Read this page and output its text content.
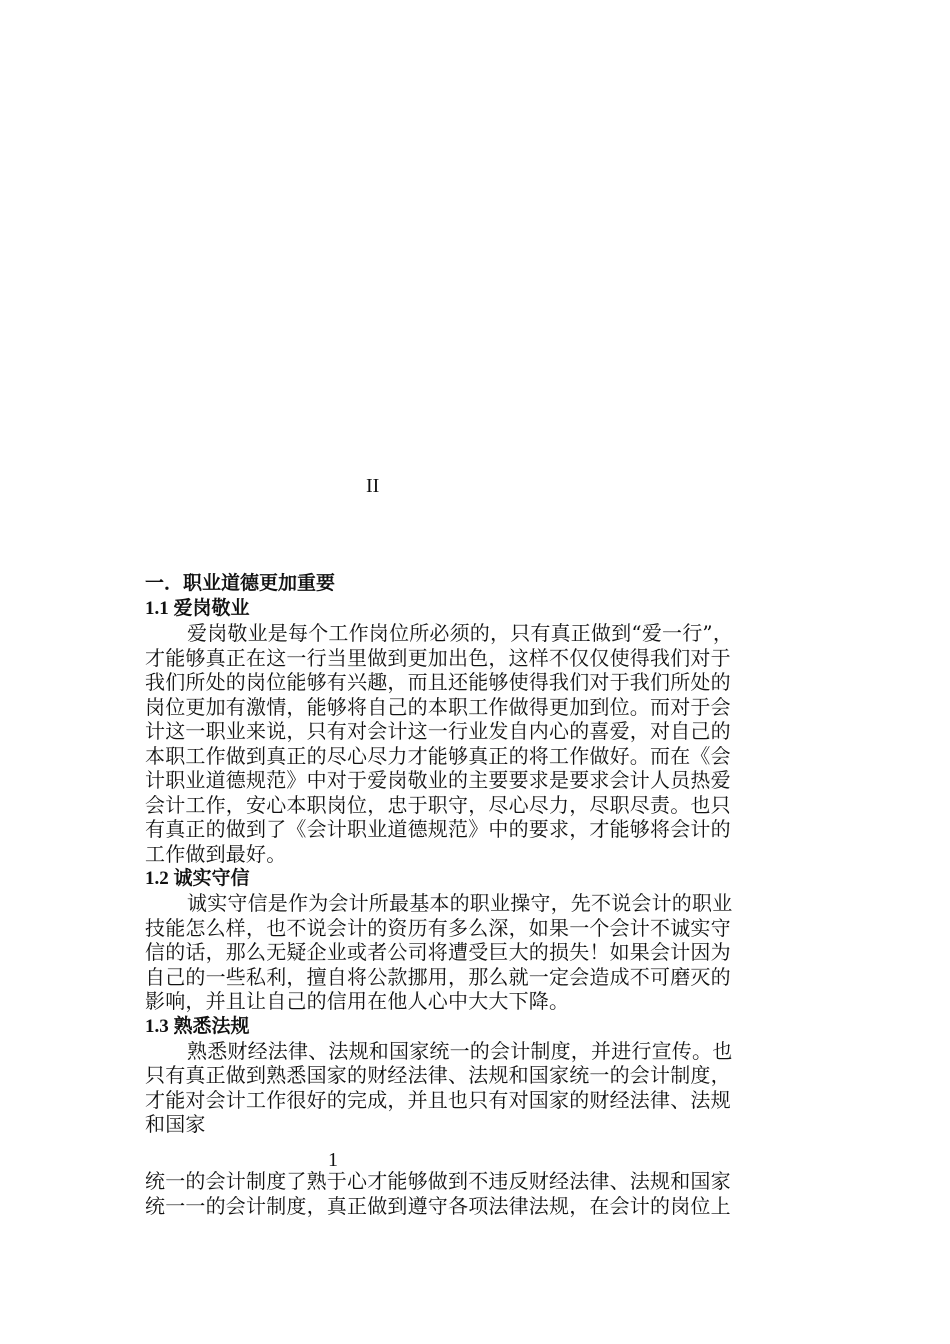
II
一．职业道德更加重要
1.1 爱岗敬业
爱岗敬业是每个工作岗位所必须的，只有真正做到“爱一行”，
才能够真正在这一行当里做到更加出色，这样不仅仅使得我们对于
我们所处的岗位能够有兴趣，而且还能够使得我们对于我们所处的
岗位更加有激情，能够将自己的本职工作做得更加到位。而对于会
计这一职业来说，只有对会计这一行业发自内心的喜爱，对自己的
本职工作做到真正的尽心尽力才能够真正的将工作做好。而在《会
计职业道德规范》中对于爱岗敬业的主要要求是要求会计人员热爱
会计工作，安心本职岗位，忠于职守，尽心尽力，尽职尽责。也只
有真正的做到了《会计职业道德规范》中的要求，才能够将会计的
工作做到最好。
1.2 诚实守信
诚实守信是作为会计所最基本的职业操守，先不说会计的职业
技能怎么样，也不说会计的资历有多么深，如果一个会计不诚实守
信的话，那么无疑企业或者公司将遭受巨大的损失！如果会计因为
自己的一些私利，擅自将公款挪用，那么就一定会造成不可磨灭的
影响，并且让自己的信用在他人心中大大下降。
1.3 熟悉法规
熟悉财经法律、法规和国家统一的会计制度，并进行宣传。也
只有真正做到熟悉国家的财经法律、法规和国家统一的会计制度，
才能对会计工作很好的完成，并且也只有对国家的财经法律、法规
和国家
1
统一的会计制度了熟于心才能够做到不违反财经法律、法规和国家
统一一的会计制度，真正做到遵守各项法律法规，在会计的岗位上
